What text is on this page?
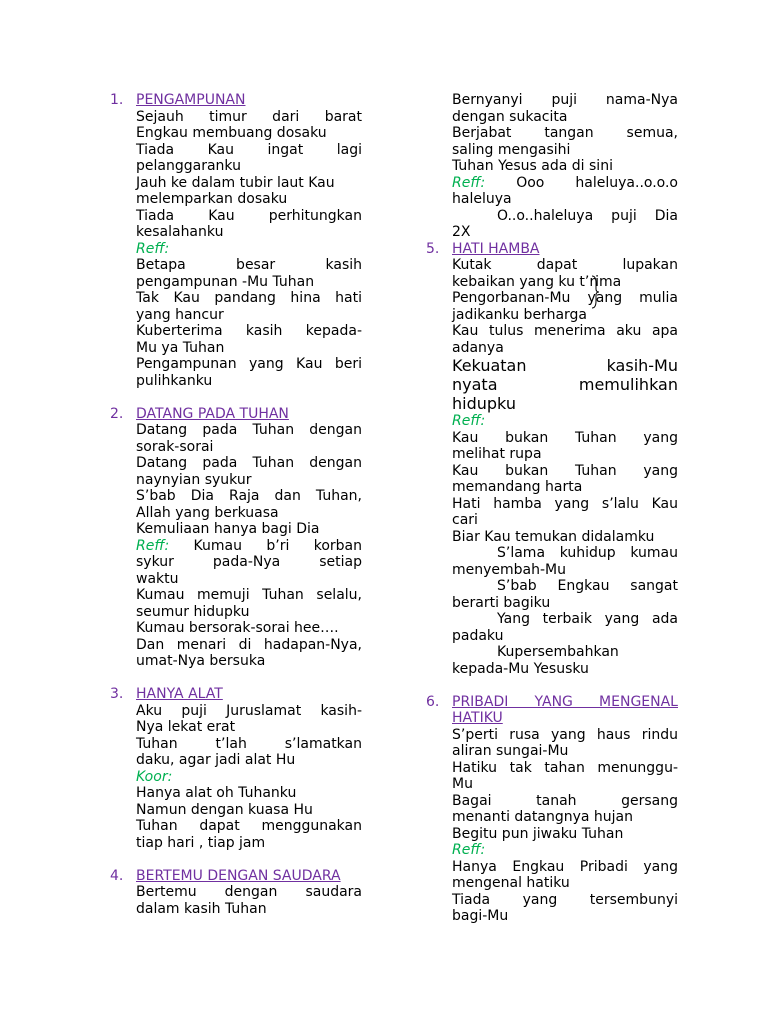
1. PENGAMPUNAN
Sejauh timur dari barat
Engkau membuang dosaku
Tiada Kau ingat lagi
pelanggaranku
Jauh ke dalam tubir laut Kau
melemparkan dosaku
Tiada Kau perhitungkan
kesalahanku
Reff:
Betapa besar kasih
pengampunan -Mu Tuhan
Tak Kau pandang hina hati
yang hancur
Kuberterima kasih kepada-
Mu ya Tuhan
Pengampunan yang Kau beri
pulihkanku
2. DATANG PADA TUHAN
Datang pada Tuhan dengan
sorak-sorai
Datang pada Tuhan dengan
naynyian syukur
S’bab Dia Raja dan Tuhan,
Allah yang berkuasa
Kemuliaan hanya bagi Dia
Reff: Kumau b’ri korban
sykur pada-Nya setiap
waktu
Kumau memuji Tuhan selalu,
seumur hidupku
Kumau bersorak-sorai hee….
Dan menari di hadapan-Nya,
umat-Nya bersuka
3. HANYA ALAT
Aku puji Juruslamat kasih-
Nya lekat erat
Tuhan t’lah s’lamatkan
daku, agar jadi alat Hu
Koor:
Hanya alat oh Tuhanku
Namun dengan kuasa Hu
Tuhan dapat menggunakan
tiap hari , tiap jam
4. BERTEMU DENGAN SAUDARA
Bertemu dengan saudara
dalam kasih Tuhan
Bernyanyi puji nama-Nya
dengan sukacita
Berjabat tangan semua,
saling mengasihi
Tuhan Yesus ada di sini
Reff: Ooo haleluya..o.o.o
haleluya
O..o..haleluya puji Dia
2X
5. HATI HAMBA
Kutak dapat lupakan
kebaikan yang ku t’rima
Pengorbanan-Mu yang mulia
jadikanku berharga
Kau tulus menerima aku apa
adanya
Kekuatan kasih-Mu
nyata memulihkan
hidupku
Reff:
Kau bukan Tuhan yang
melihat rupa
Kau bukan Tuhan yang
memandang harta
Hati hamba yang s’lalu Kau
cari
Biar Kau temukan didalamku
S’lama kuhidup kumau
menyembah-Mu
S’bab Engkau sangat
berarti bagiku
Yang terbaik yang ada
padaku
Kupersembahkan
kepada-Mu Yesusku
6. PRIBADI YANG MENGENAL
HATIKU
S’perti rusa yang haus rindu
aliran sungai-Mu
Hatiku tak tahan menunggu-
Mu
Bagai tanah gersang
menanti datangnya hujan
Begitu pun jiwaku Tuhan
Reff:
Hanya Engkau Pribadi yang
mengenal hatiku
Tiada yang tersembunyi
bagi-Mu
